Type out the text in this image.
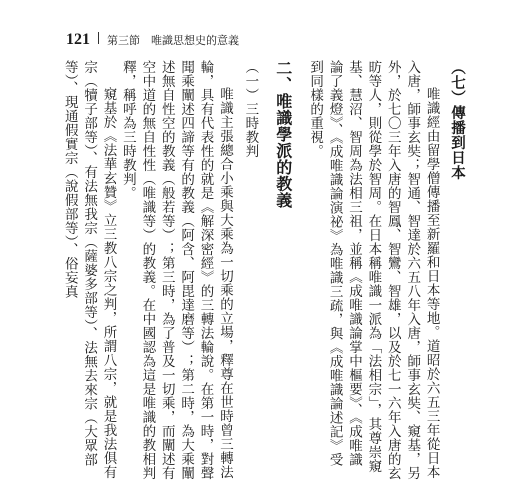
121 第三節　唯識思想史的意義
（七）傳播到日本

唯識經由留學僧傳播至新羅和日本等地。道昭於六五三年從日本入唐，師事玄奘；智通、智達於六五八年入唐，師事玄奘、窺基，另外，於七〇三年入唐的智鳳、智鸞、智雄，以及於七一六年入唐的玄昉等人，則從學於智周。在日本稱唯識一派為「法相宗」，其尊崇窺基、慧沼、智周為法相三祖，並稱《成唯識論掌中樞要》、《成唯識論了義燈》、《成唯識論演祕》為唯識三疏，與《成唯識論述記》受到同樣的重視。

二、唯識學派的教義
（一）三時教判

唯識主張總合小乘與大乘為一切乘的立場，釋尊在世時曾三轉法輪，具有代表性的就是《解深密經》的三轉法輪說。在第一時，對聲聞乘闡述四諦等有的教義（阿含、阿毘達磨等）；第二時，為大乘闡述無自性空的教義（般若等）；第三時，為了普及一切乘，而闡述有空中道的無自性性（唯識等）的教義。在中國認為這是唯識的教相判釋，稱呼為三時教判。

窺基於《法華玄贊》立三教八宗之判，所謂八宗，就是我法俱有宗（犢子部等）、有法無我宗（薩婆多部等）、法無去來宗（大眾部等）、現通假實宗（說假部等）、俗妄真
